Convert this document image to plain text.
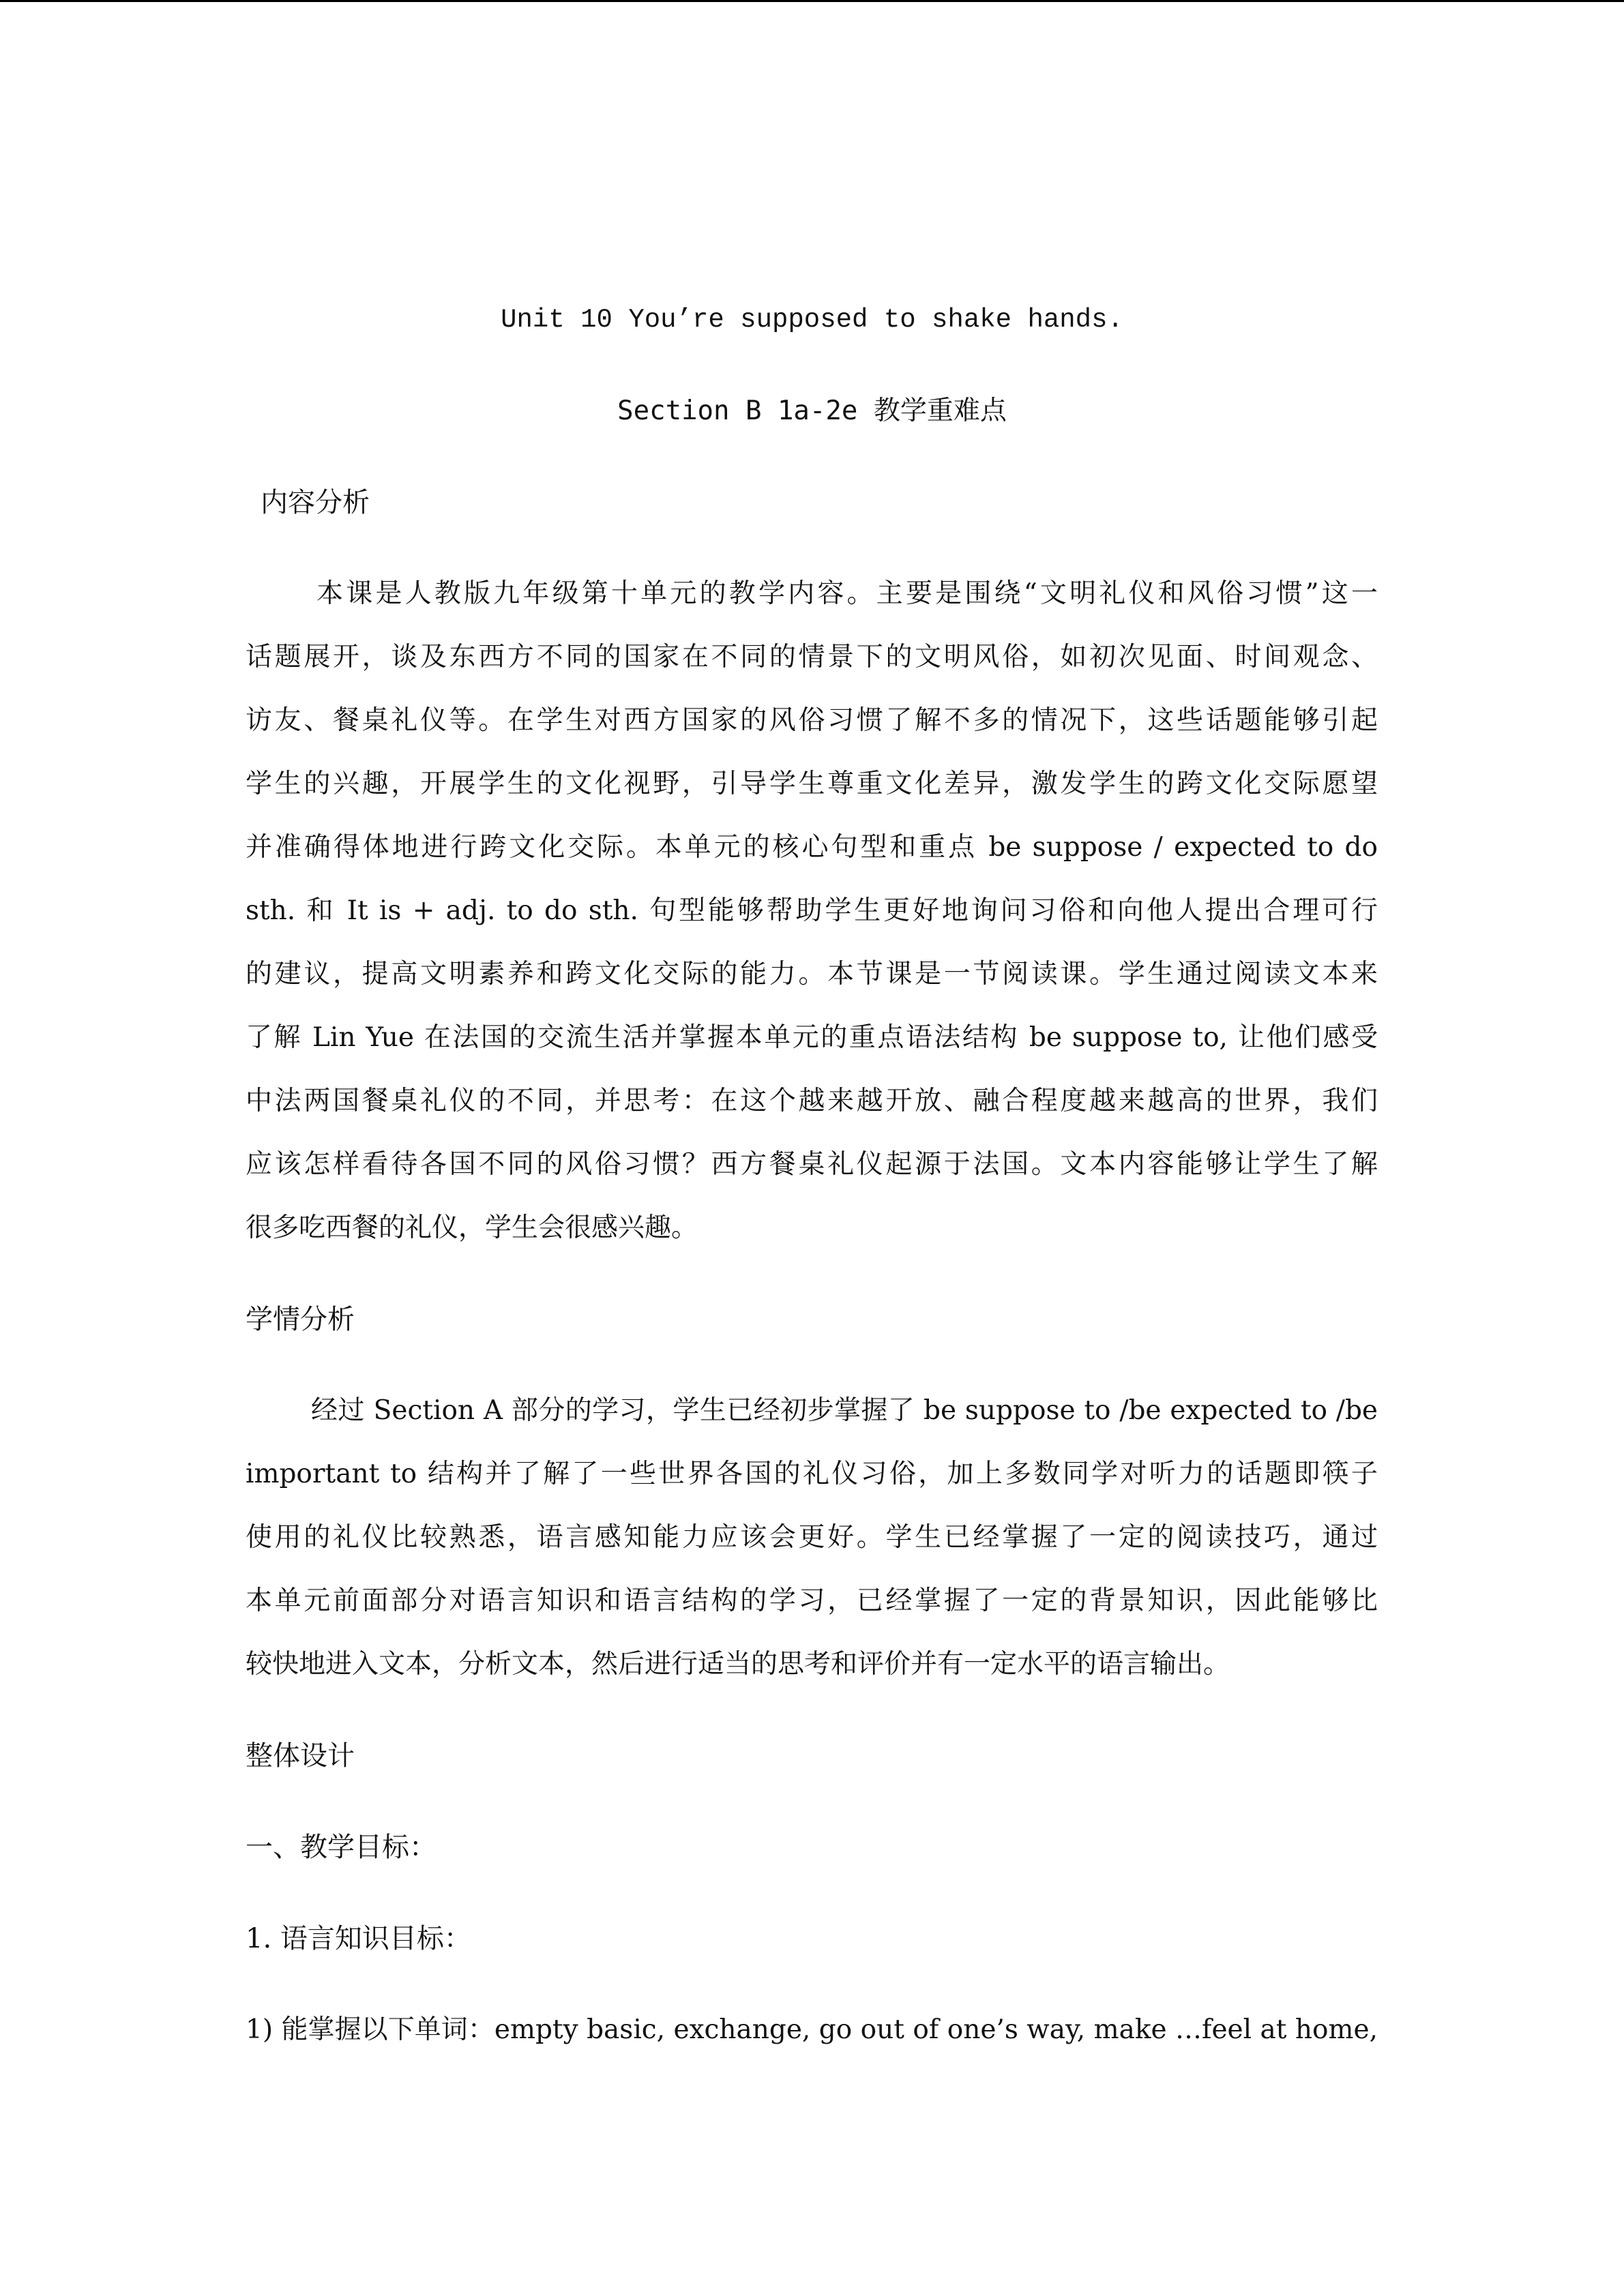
Unit 10 You’re supposed to shake hands.

Section B 1a-2e 教学重难点

内容分析

本课是人教版九年级第十单元的教学内容。主要是围绕“文明礼仪和风俗习惯”这一

话题展开，谈及东西方不同的国家在不同的情景下的文明风俗，如初次见面、时间观念、

访友、餐桌礼仪等。在学生对西方国家的风俗习惯了解不多的情况下，这些话题能够引起

学生的兴趣，开展学生的文化视野，引导学生尊重文化差异，激发学生的跨文化交际愿望

并准确得体地进行跨文化交际。本单元的核心句型和重点 be suppose / expected to do

sth. 和 It is + adj. to do sth. 句型能够帮助学生更好地询问习俗和向他人提出合理可行

的建议，提高文明素养和跨文化交际的能力。本节课是一节阅读课。学生通过阅读文本来

了解 Lin Yue 在法国的交流生活并掌握本单元的重点语法结构 be suppose to, 让他们感受

中法两国餐桌礼仪的不同，并思考：在这个越来越开放、融合程度越来越高的世界，我们

应该怎样看待各国不同的风俗习惯？西方餐桌礼仪起源于法国。文本内容能够让学生了解

很多吃西餐的礼仪，学生会很感兴趣。

学情分析

经过 Section A 部分的学习，学生已经初步掌握了 be suppose to /be expected to /be

important to 结构并了解了一些世界各国的礼仪习俗，加上多数同学对听力的话题即筷子

使用的礼仪比较熟悉，语言感知能力应该会更好。学生已经掌握了一定的阅读技巧，通过

本单元前面部分对语言知识和语言结构的学习，已经掌握了一定的背景知识，因此能够比

较快地进入文本，分析文本，然后进行适当的思考和评价并有一定水平的语言输出。

整体设计

一、教学目标：

1. 语言知识目标：

1) 能掌握以下单词：empty basic, exchange, go out of one’s way, make …feel at home,
